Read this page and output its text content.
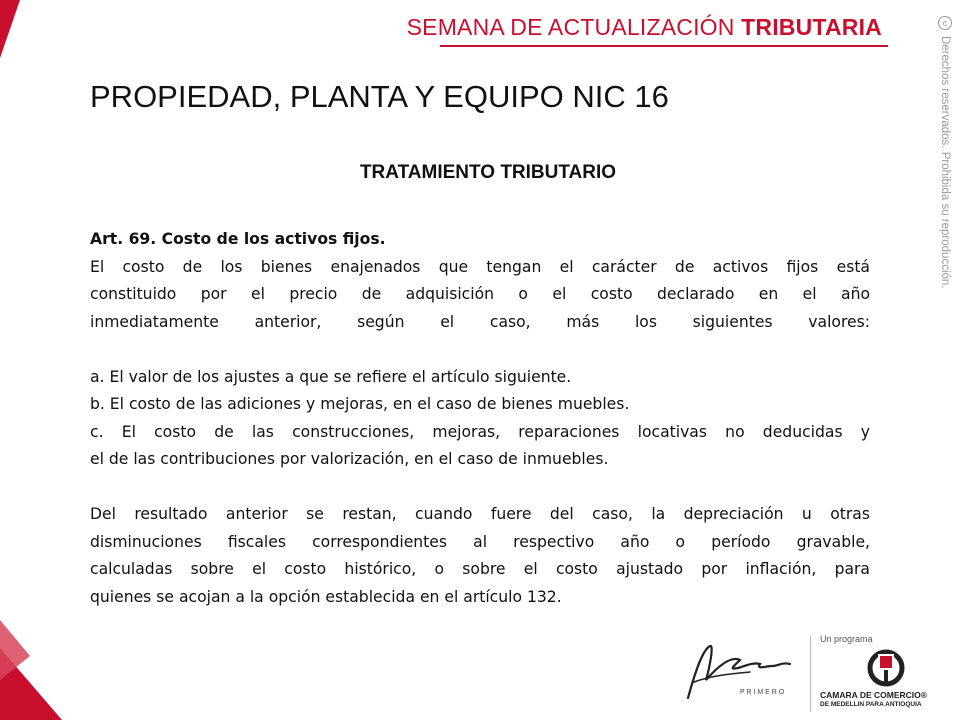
SEMANA DE ACTUALIZACIÓN TRIBUTARIA	c
Derechos reservados. Prohibida su reproducción.
PROPIEDAD, PLANTA Y EQUIPO NIC 16
TRATAMIENTO TRIBUTARIO

Art. 69. Costo de los activos fijos.

El costo de los bienes enajenados que tengan el carácter de activos fijos está

constituido por el precio de adquisición o el costo declarado en el año

inmediatamente anterior, según el caso, más los siguientes valores:

a. El valor de los ajustes a que se refiere el artículo siguiente.

b. El costo de las adiciones y mejoras, en el caso de bienes muebles.

c. El costo de las construcciones, mejoras, reparaciones locativas no deducidas y

el de las contribuciones por valorización, en el caso de inmuebles.

Del resultado anterior se restan, cuando fuere del caso, la depreciación u otras

disminuciones fiscales correspondientes al respectivo año o período gravable,

calculadas sobre el costo histórico, o sobre el costo ajustado por inflación, para

quienes se acojan a la opción establecida en el artículo 132.

P R I M E R O
Un programa
CAMARA DE COMERCIO®
DE MEDELLIN PARA ANTIOQUIA
